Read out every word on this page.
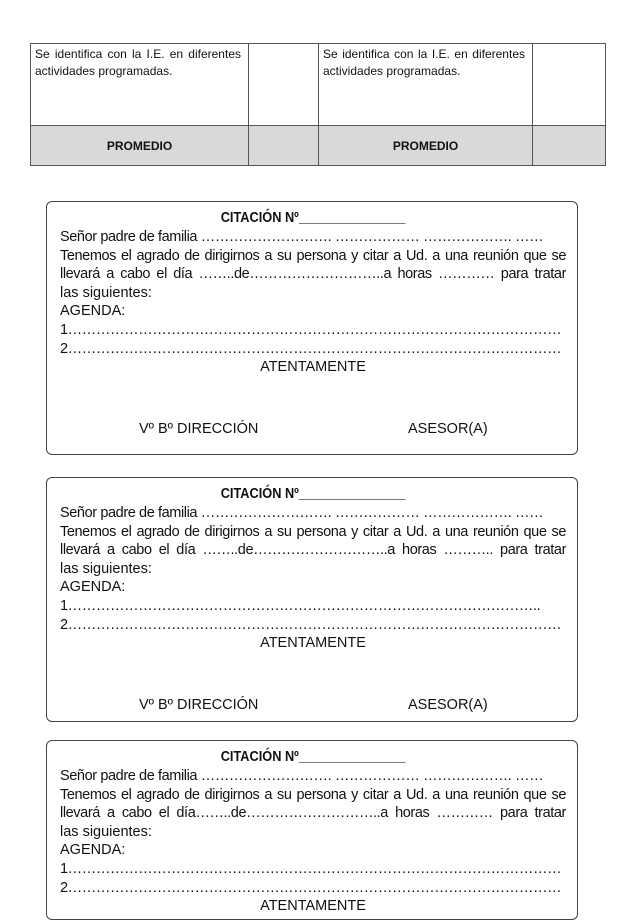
Se identifica con la I.E. en diferentes actividades programadas.		Se identifica con la I.E. en diferentes actividades programadas.	

PROMEDIO		PROMEDIO	

CITACIÓN Nº_______________
Señor padre de familia ………………………. ……………… ………………. ……
Tenemos el agrado de dirigirnos a su persona y citar a Ud. a una reunión que se
llevará a cabo el día ……..de………………………..a horas ………… para tratar
las siguientes:
AGENDA:
1……………………………………………………………………………………………
2……………………………………………………………………………………………
ATENTAMENTE
Vº Bº DIRECCIÓN	ASESOR(A)
CITACIÓN Nº_______________
Señor padre de familia ………………………. ……………… ………………. ……
Tenemos el agrado de dirigirnos a su persona y citar a Ud. a una reunión que se
llevará a cabo el día ……..de………………………..a horas ……….. para tratar
las siguientes:
AGENDA:
1………………………………………………………………………………………..
2……………………………………………………………………………………………
ATENTAMENTE
Vº Bº DIRECCIÓN	ASESOR(A)
CITACIÓN Nº_______________
Señor padre de familia ………………………. ……………… ………………. ……
Tenemos el agrado de dirigirnos a su persona y citar a Ud. a una reunión que se
llevará a cabo el día……..de………………………..a horas ………… para tratar
las siguientes:
AGENDA:
1……………………………………………………………………………………………
2……………………………………………………………………………………………
ATENTAMENTE
